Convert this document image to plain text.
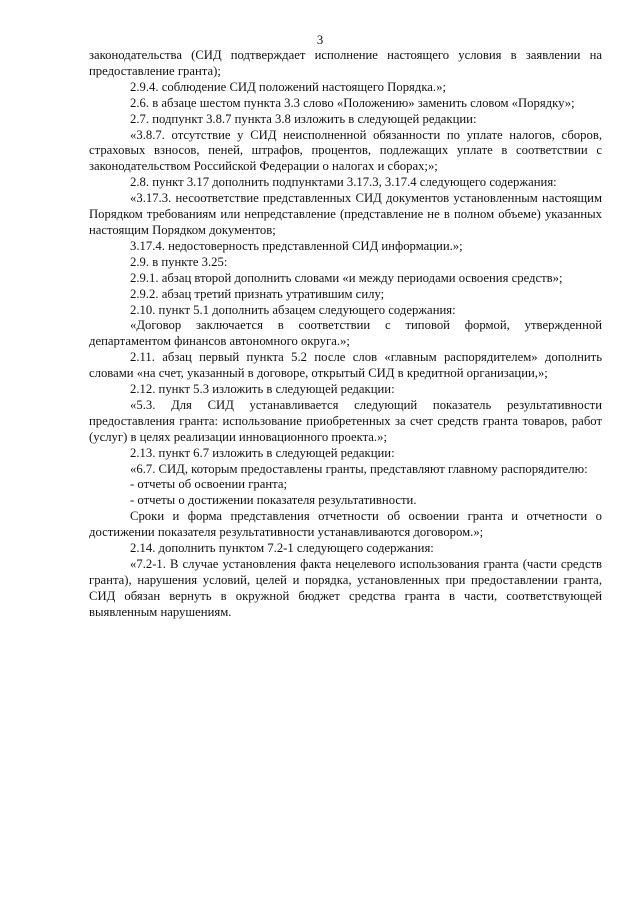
3

законодательства (СИД подтверждает исполнение настоящего условия в заявлении на предоставление гранта);

2.9.4. соблюдение СИД положений настоящего Порядка.»;

2.6. в абзаце шестом пункта 3.3 слово «Положению» заменить словом «Порядку»;

2.7. подпункт 3.8.7 пункта 3.8 изложить в следующей редакции:

«3.8.7. отсутствие у СИД неисполненной обязанности по уплате налогов, сборов, страховых взносов, пеней, штрафов, процентов, подлежащих уплате в соответствии с законодательством Российской Федерации о налогах и сборах;»;

2.8. пункт 3.17 дополнить подпунктами 3.17.3, 3.17.4 следующего содержания:

«3.17.3. несоответствие представленных СИД документов установленным настоящим Порядком требованиям или непредставление (представление не в полном объеме) указанных настоящим Порядком документов;

3.17.4. недостоверность представленной СИД информации.»;

2.9. в пункте 3.25:

2.9.1. абзац второй дополнить словами «и между периодами освоения средств»;

2.9.2. абзац третий признать утратившим силу;

2.10. пункт 5.1 дополнить абзацем следующего содержания:

«Договор заключается в соответствии с типовой формой, утвержденной департаментом финансов автономного округа.»;

2.11. абзац первый пункта 5.2 после слов «главным распорядителем» дополнить словами «на счет, указанный в договоре, открытый СИД в кредитной организации,»;

2.12. пункт 5.3 изложить в следующей редакции:

«5.3. Для СИД устанавливается следующий показатель результативности предоставления гранта: использование приобретенных за счет средств гранта товаров, работ (услуг) в целях реализации инновационного проекта.»;

2.13. пункт 6.7 изложить в следующей редакции:

«6.7. СИД, которым предоставлены гранты, представляют главному распорядителю:

- отчеты об освоении гранта;

- отчеты о достижении показателя результативности.

Сроки и форма представления отчетности об освоении гранта и отчетности о достижении показателя результативности устанавливаются договором.»;

2.14. дополнить пунктом 7.2-1 следующего содержания:

«7.2-1. В случае установления факта нецелевого использования гранта (части средств гранта), нарушения условий, целей и порядка, установленных при предоставлении гранта, СИД обязан вернуть в окружной бюджет средства гранта в части, соответствующей выявленным нарушениям.
